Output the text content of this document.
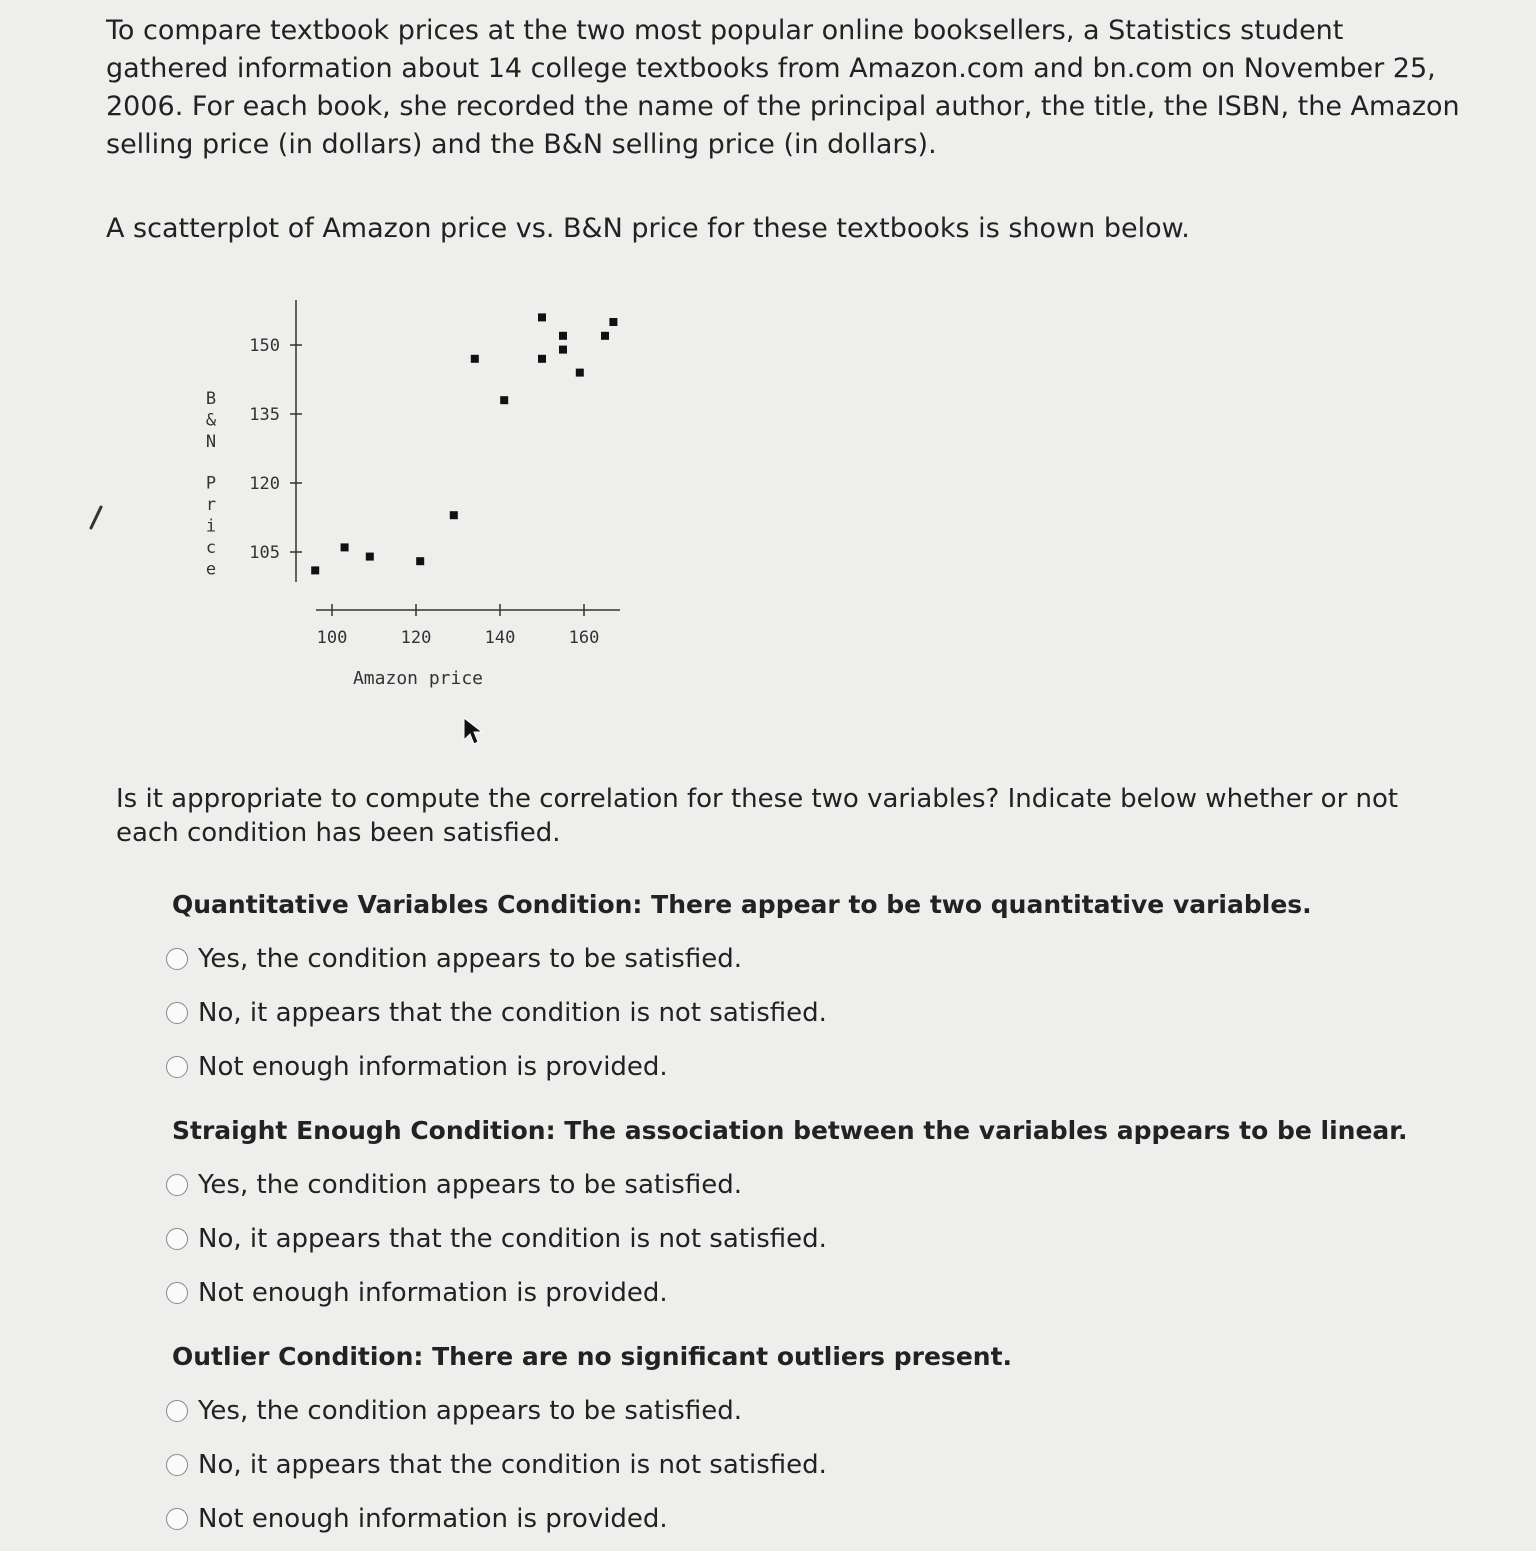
To compare textbook prices at the two most popular online booksellers, a Statistics student gathered information about 14 college textbooks from Amazon.com and bn.com on November 25, 2006. For each book, she recorded the name of the principal author, the title, the ISBN, the Amazon selling price (in dollars) and the B&N selling price (in dollars).

A scatterplot of Amazon price vs. B&N price for these textbooks is shown below.

105
120
135
150
100	120	140	160
Amazon price
B & N P r i c e

Is it appropriate to compute the correlation for these two variables? Indicate below whether or not each condition has been satisfied.

Quantitative Variables Condition: There appear to be two quantitative variables.
Yes, the condition appears to be satisfied.
No, it appears that the condition is not satisfied.
Not enough information is provided.
Straight Enough Condition: The association between the variables appears to be linear.
Yes, the condition appears to be satisfied.
No, it appears that the condition is not satisfied.
Not enough information is provided.
Outlier Condition: There are no significant outliers present.
Yes, the condition appears to be satisfied.
No, it appears that the condition is not satisfied.
Not enough information is provided.
